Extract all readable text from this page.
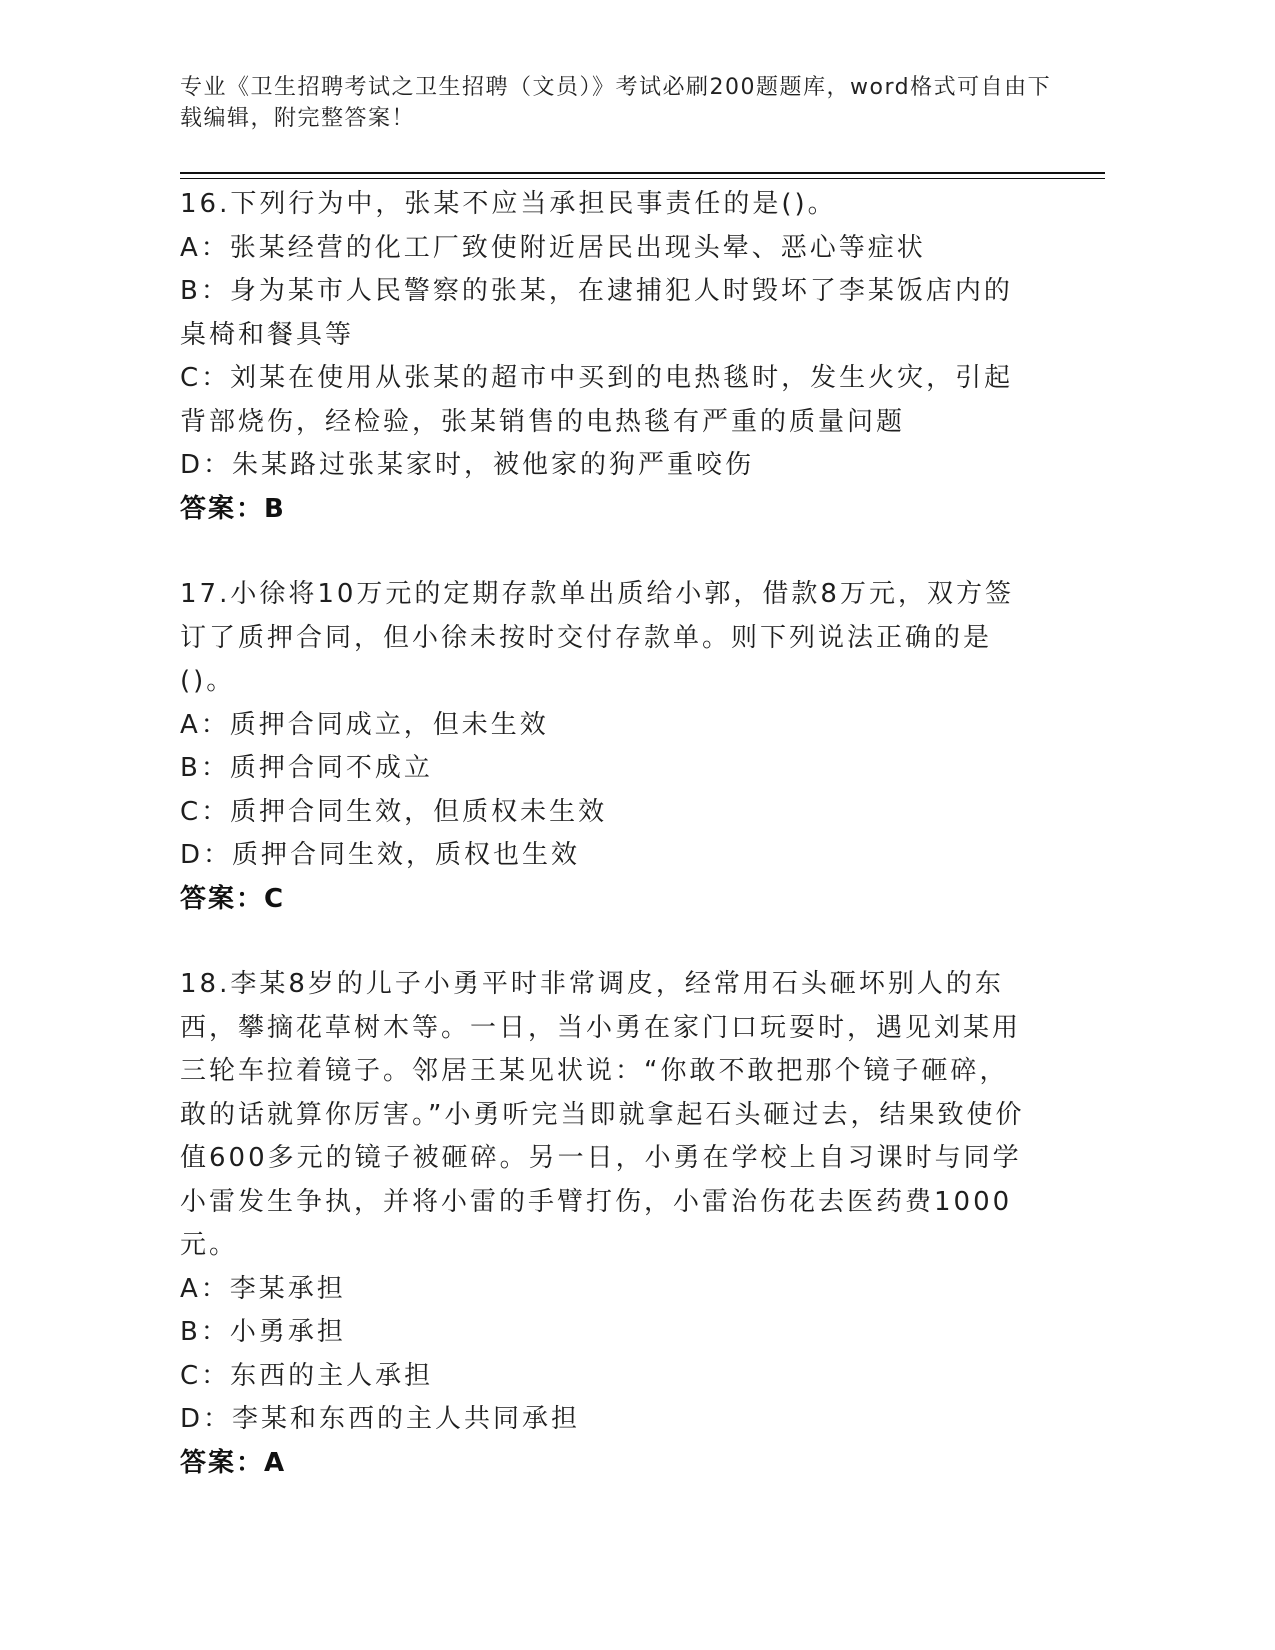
专业《卫生招聘考试之卫生招聘（文员）》考试必刷200题题库，word格式可自由下载编辑，附完整答案！
16.下列行为中，张某不应当承担民事责任的是()。
A：张某经营的化工厂致使附近居民出现头晕、恶心等症状
B：身为某市人民警察的张某，在逮捕犯人时毁坏了李某饭店内的桌椅和餐具等
C：刘某在使用从张某的超市中买到的电热毯时，发生火灾，引起背部烧伤，经检验，张某销售的电热毯有严重的质量问题
D：朱某路过张某家时，被他家的狗严重咬伤
答案：B
17.小徐将10万元的定期存款单出质给小郭，借款8万元，双方签订了质押合同，但小徐未按时交付存款单。则下列说法正确的是()。
A：质押合同成立，但未生效
B：质押合同不成立
C：质押合同生效，但质权未生效
D：质押合同生效，质权也生效
答案：C
18.李某8岁的儿子小勇平时非常调皮，经常用石头砸坏别人的东西，攀摘花草树木等。一日，当小勇在家门口玩耍时，遇见刘某用三轮车拉着镜子。邻居王某见状说：“你敢不敢把那个镜子砸碎，敢的话就算你厉害。”小勇听完当即就拿起石头砸过去，结果致使价值600多元的镜子被砸碎。另一日，小勇在学校上自习课时与同学小雷发生争执，并将小雷的手臂打伤，小雷治伤花去医药费1000元。
A：李某承担
B：小勇承担
C：东西的主人承担
D：李某和东西的主人共同承担
答案：A
